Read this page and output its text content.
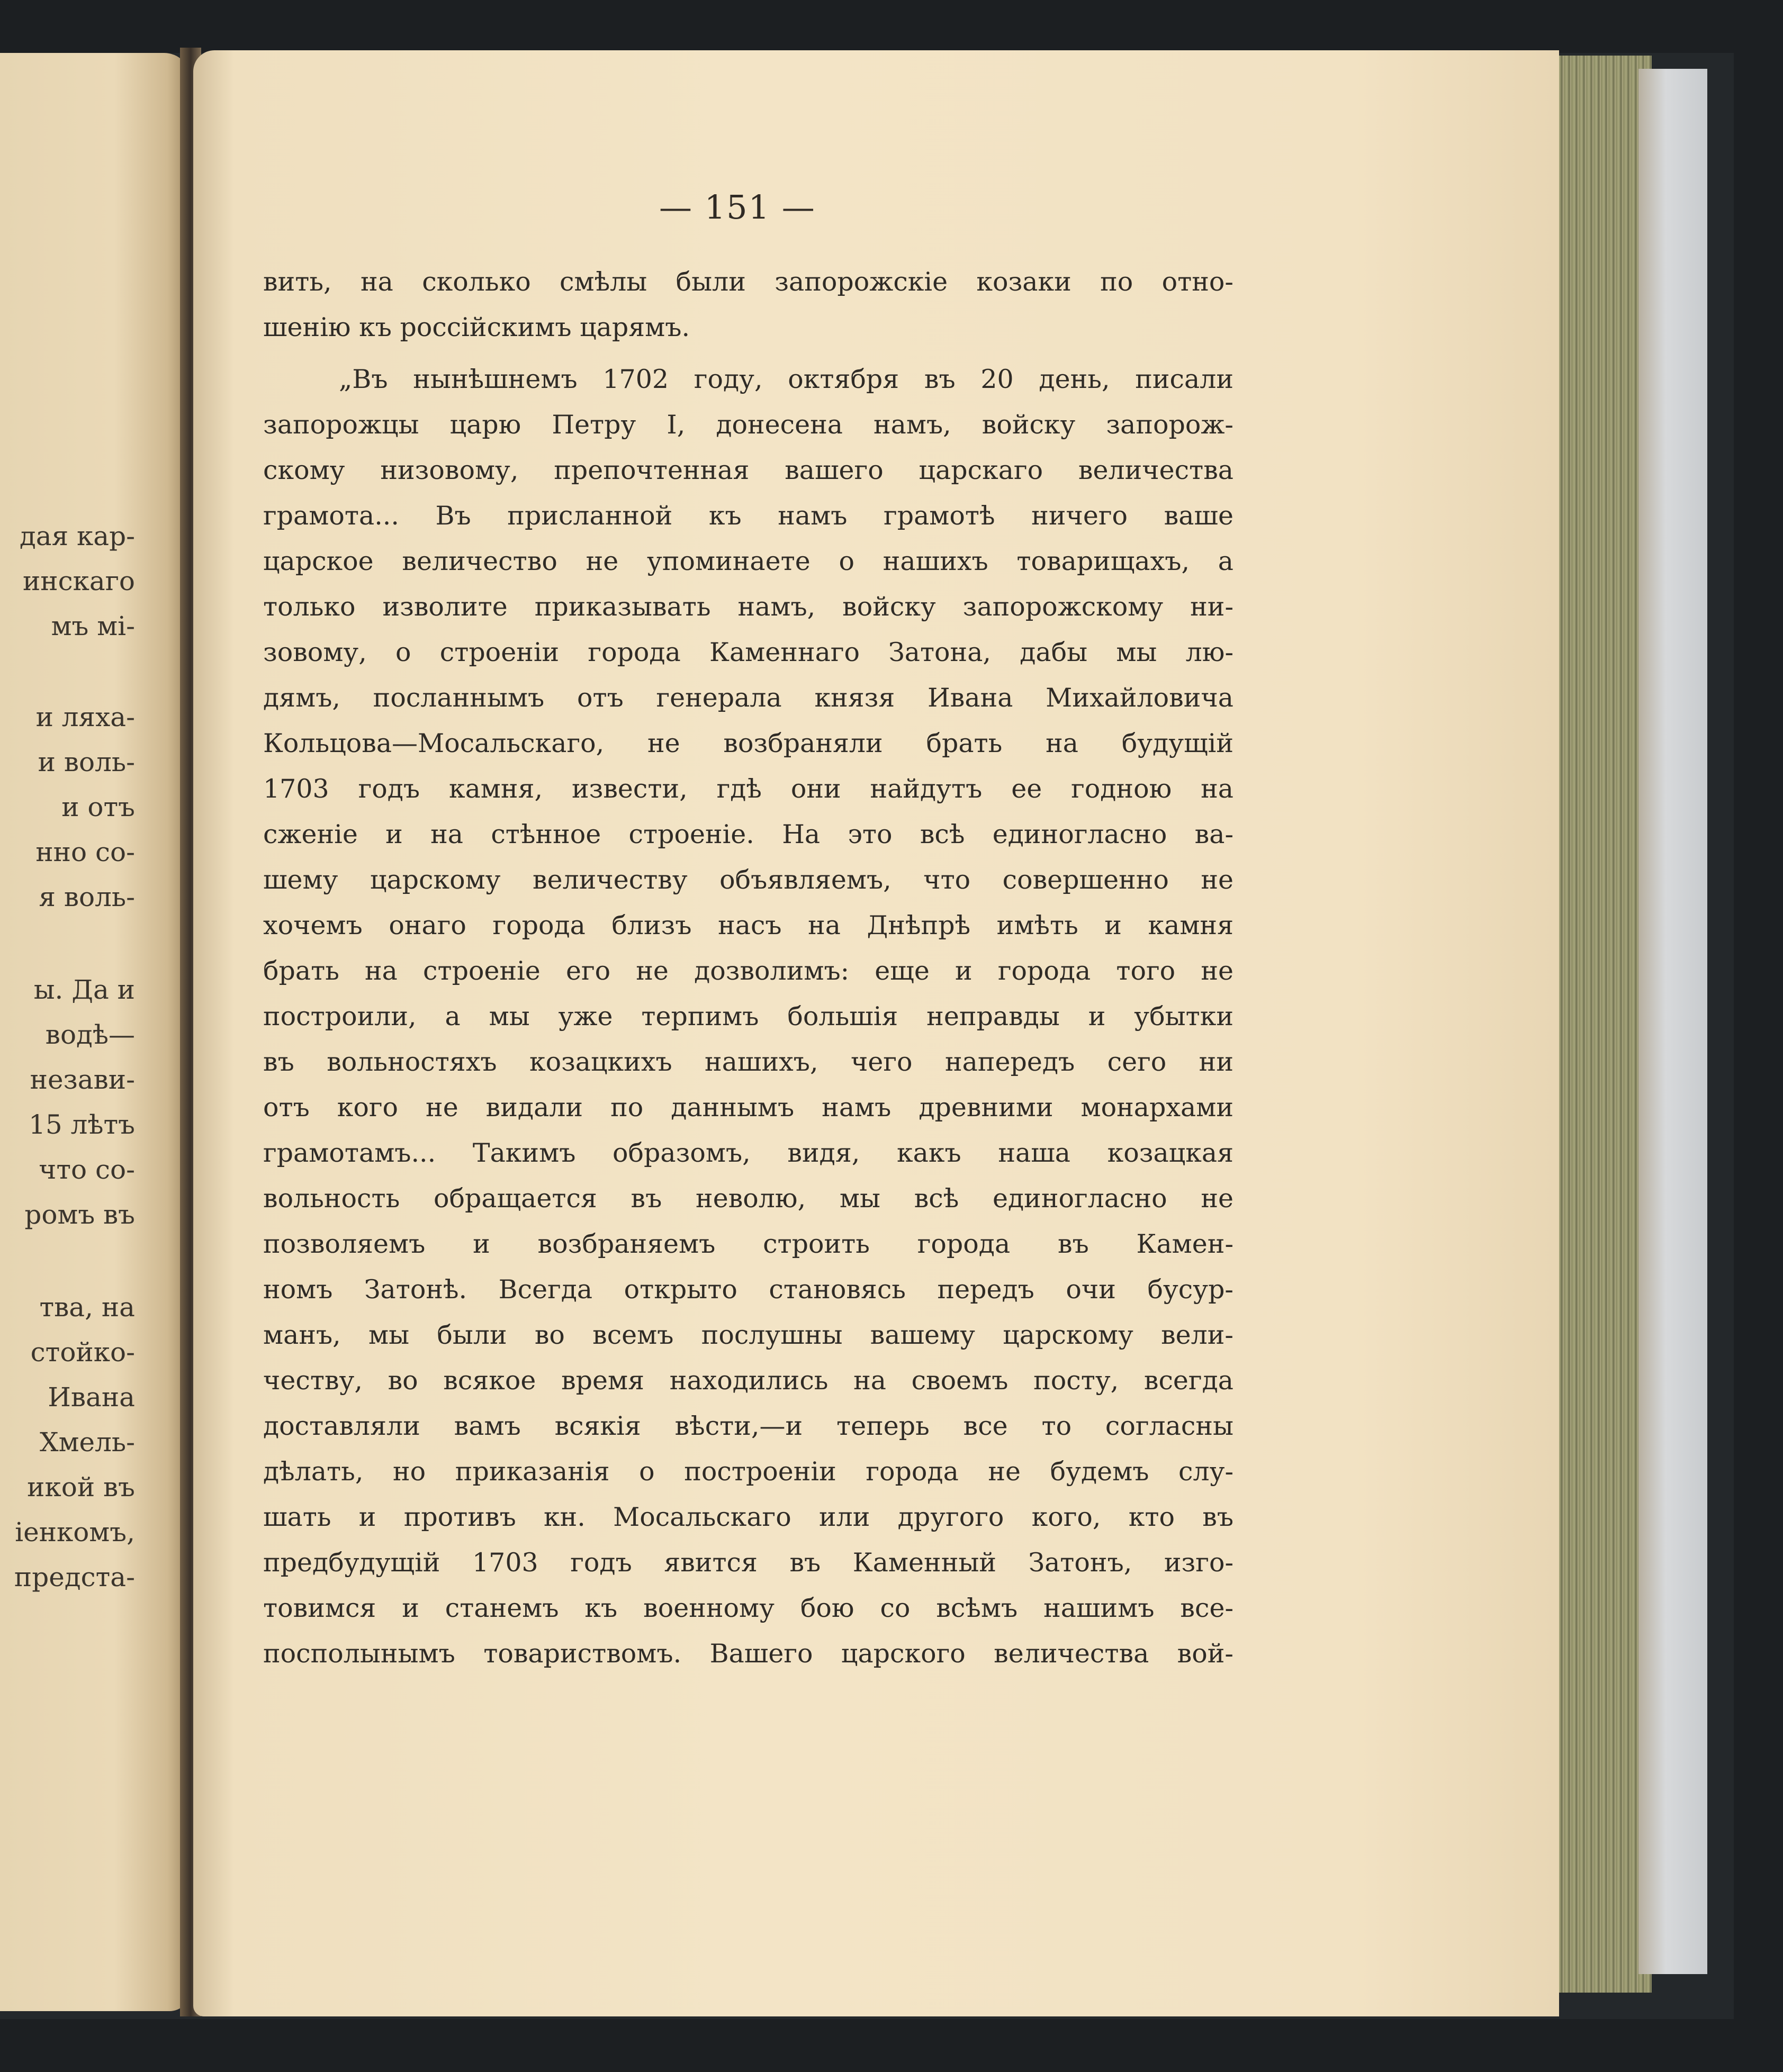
дая кар-
инскаго
мъ мі-
и ляха-
и воль-
и отъ
нно со-
я воль-
ы. Да и
водѣ—
незави-
15 лѣтъ
что со-
ромъ въ
тва, на
стойко-
Ивана
Хмель-
икой въ
іенкомъ,
предста-
— 151 —
вить, на сколько смѣлы были запорожскіе козаки по отно-
шенію къ россійскимъ царямъ.
„Въ нынѣшнемъ 1702 году, октября въ 20 день, писали
запорожцы царю Петру I, донесена намъ, войску запорож-
скому низовому, препочтенная вашего царскаго величества
грамота... Въ присланной къ намъ грамотѣ ничего ваше
царское величество не упоминаете о нашихъ товарищахъ, а
только изволите приказывать намъ, войску запорожскому ни-
зовому, о строеніи города Каменнаго Затона, дабы мы лю-
дямъ, посланнымъ отъ генерала князя Ивана Михайловича
Кольцова—Мосальскаго, не возбраняли брать на будущій
1703 годъ камня, извести, гдѣ они найдутъ ее годною на
сженіе и на стѣнное строеніе. На это всѣ единогласно ва-
шему царскому величеству объявляемъ, что совершенно не
хочемъ онаго города близъ насъ на Днѣпрѣ имѣть и камня
брать на строеніе его не дозволимъ: еще и города того не
построили, а мы уже терпимъ большія неправды и убытки
въ вольностяхъ козацкихъ нашихъ, чего напередъ сего ни
отъ кого не видали по даннымъ намъ древними монархами
грамотамъ... Такимъ образомъ, видя, какъ наша козацкая
вольность обращается въ неволю, мы всѣ единогласно не
позволяемъ и возбраняемъ строить города въ Камен-
номъ Затонѣ. Всегда открыто становясь передъ очи бусур-
манъ, мы были во всемъ послушны вашему царскому вели-
честву, во всякое время находились на своемъ посту, всегда
доставляли вамъ всякія вѣсти,—и теперь все то согласны
дѣлать, но приказанія о построеніи города не будемъ слу-
шать и противъ кн. Мосальскаго или другого кого, кто въ
предбудущій 1703 годъ явится въ Каменный Затонъ, изго-
товимся и станемъ къ военному бою со всѣмъ нашимъ все-
посполынымъ товариствомъ. Вашего царского величества вой-
